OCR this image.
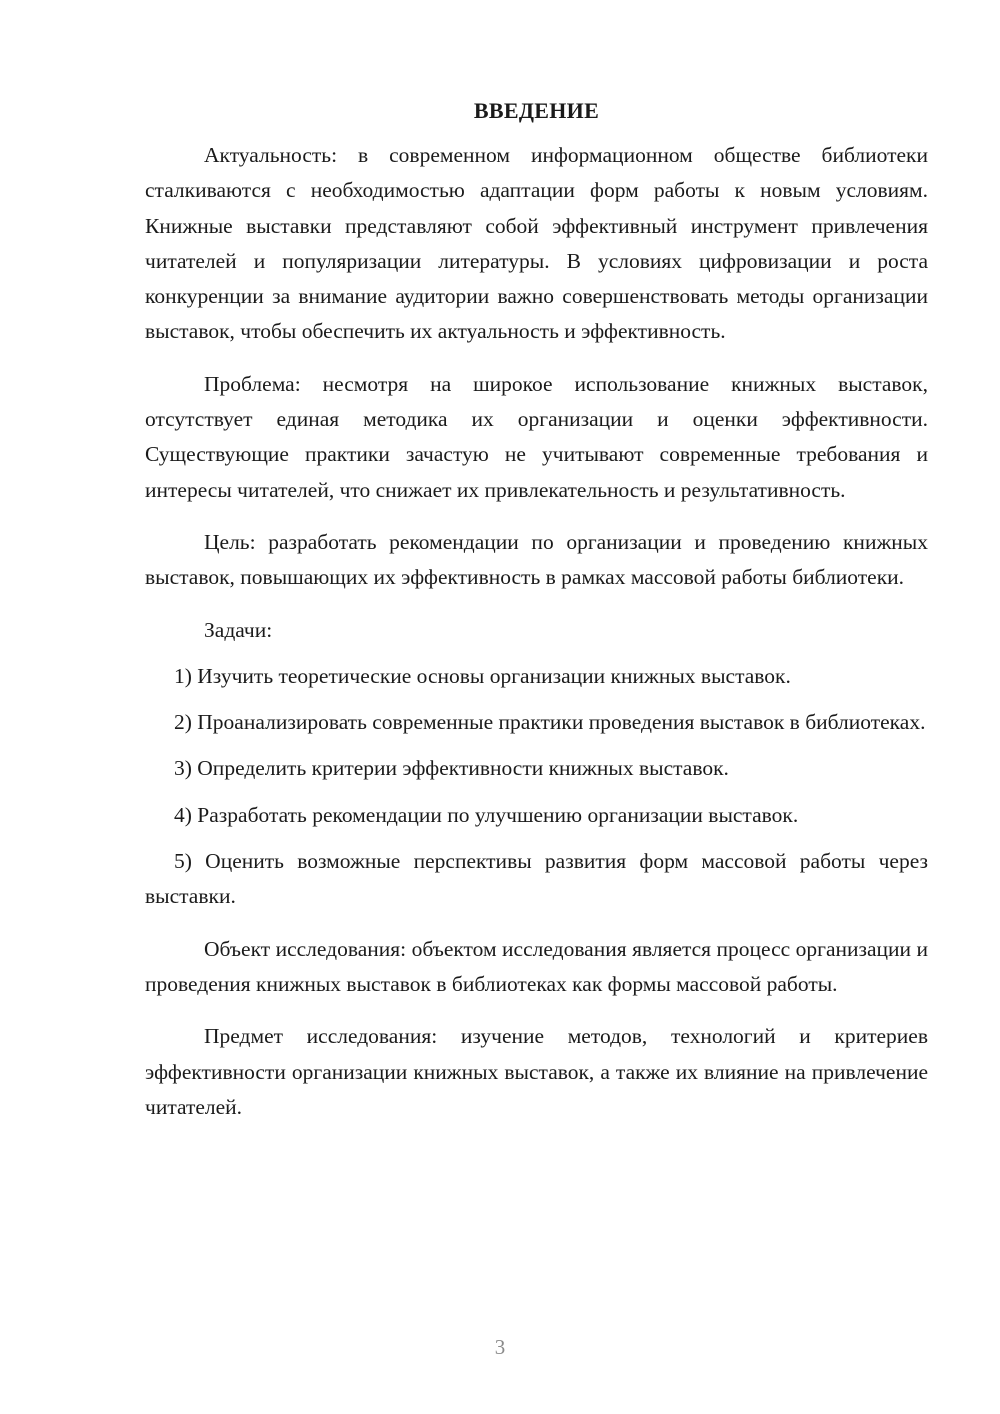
ВВЕДЕНИЕ

Актуальность: в современном информационном обществе библиотеки сталкиваются с необходимостью адаптации форм работы к новым условиям. Книжные выставки представляют собой эффективный инструмент привлечения читателей и популяризации литературы. В условиях цифровизации и роста конкуренции за внимание аудитории важно совершенствовать методы организации выставок, чтобы обеспечить их актуальность и эффективность.

Проблема: несмотря на широкое использование книжных выставок, отсутствует единая методика их организации и оценки эффективности. Существующие практики зачастую не учитывают современные требования и интересы читателей, что снижает их привлекательность и результативность.

Цель: разработать рекомендации по организации и проведению книжных выставок, повышающих их эффективность в рамках массовой работы библиотеки.

Задачи:

1) Изучить теоретические основы организации книжных выставок.

2) Проанализировать современные практики проведения выставок в библиотеках.

3) Определить критерии эффективности книжных выставок.

4) Разработать рекомендации по улучшению организации выставок.

5) Оценить возможные перспективы развития форм массовой работы через выставки.

Объект исследования: объектом исследования является процесс организации и проведения книжных выставок в библиотеках как формы массовой работы.

Предмет исследования: изучение методов, технологий и критериев эффективности организации книжных выставок, а также их влияние на привлечение читателей.

3
